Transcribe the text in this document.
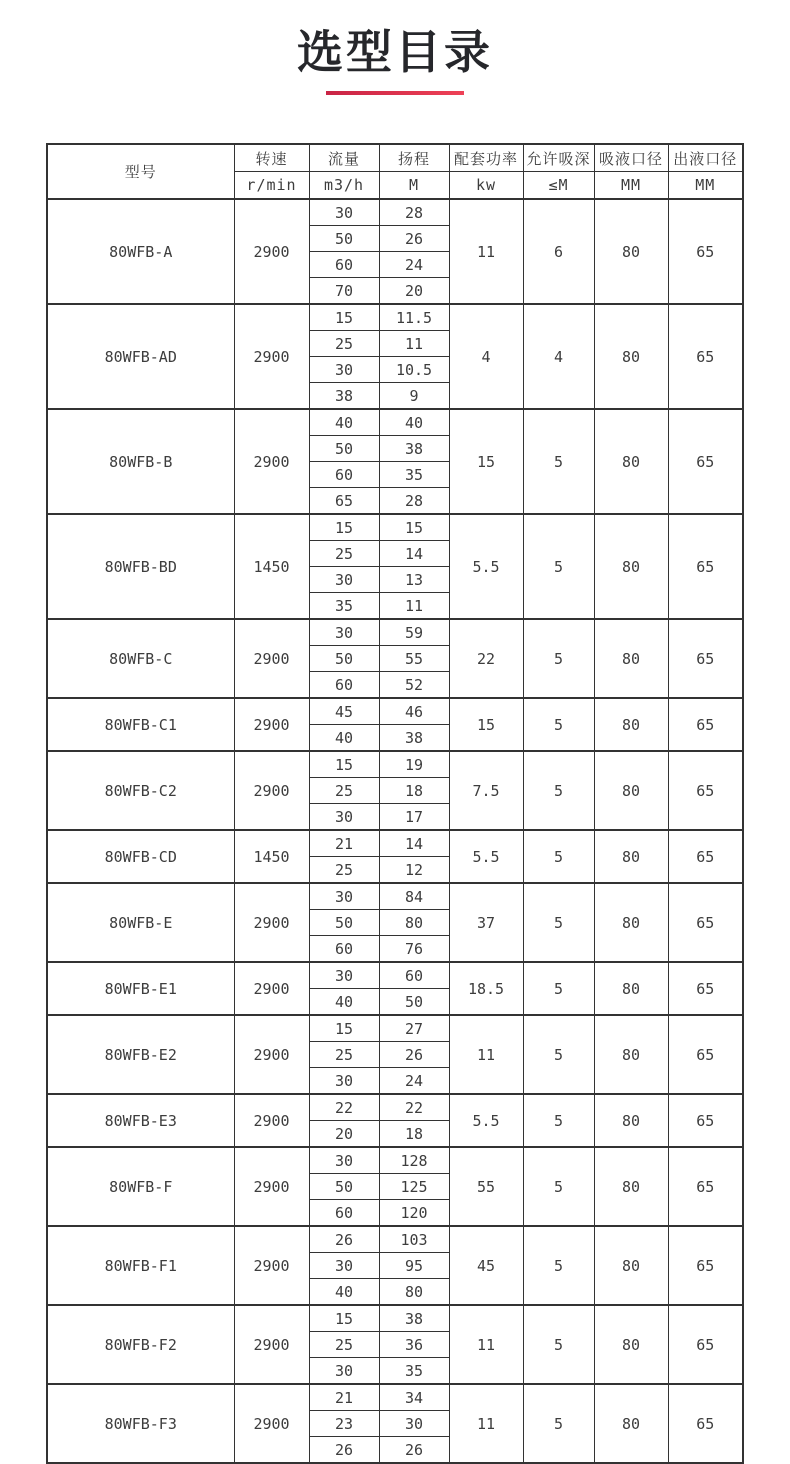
选型目录
型号	转速	流量	扬程	配套功率	允许吸深	吸液口径	出液口径
	r/min	m3/h	M	kw	≤M	MM	MM
80WFB-A	2900	30	28	11	6	80	65
		50	26				
		60	24				
		70	20				
80WFB-AD	2900	15	11.5	4	4	80	65
		25	11				
		30	10.5				
		38	9				
80WFB-B	2900	40	40	15	5	80	65
		50	38				
		60	35				
		65	28				
80WFB-BD	1450	15	15	5.5	5	80	65
		25	14				
		30	13				
		35	11				
80WFB-C	2900	30	59	22	5	80	65
		50	55				
		60	52				
80WFB-C1	2900	45	46	15	5	80	65
		40	38				
80WFB-C2	2900	15	19	7.5	5	80	65
		25	18				
		30	17				
80WFB-CD	1450	21	14	5.5	5	80	65
		25	12				
80WFB-E	2900	30	84	37	5	80	65
		50	80				
		60	76				
80WFB-E1	2900	30	60	18.5	5	80	65
		40	50				
80WFB-E2	2900	15	27	11	5	80	65
		25	26				
		30	24				
80WFB-E3	2900	22	22	5.5	5	80	65
		20	18				
80WFB-F	2900	30	128	55	5	80	65
		50	125				
		60	120				
80WFB-F1	2900	26	103	45	5	80	65
		30	95				
		40	80				
80WFB-F2	2900	15	38	11	5	80	65
		25	36				
		30	35				
80WFB-F3	2900	21	34	11	5	80	65
		23	30				
		26	26				
